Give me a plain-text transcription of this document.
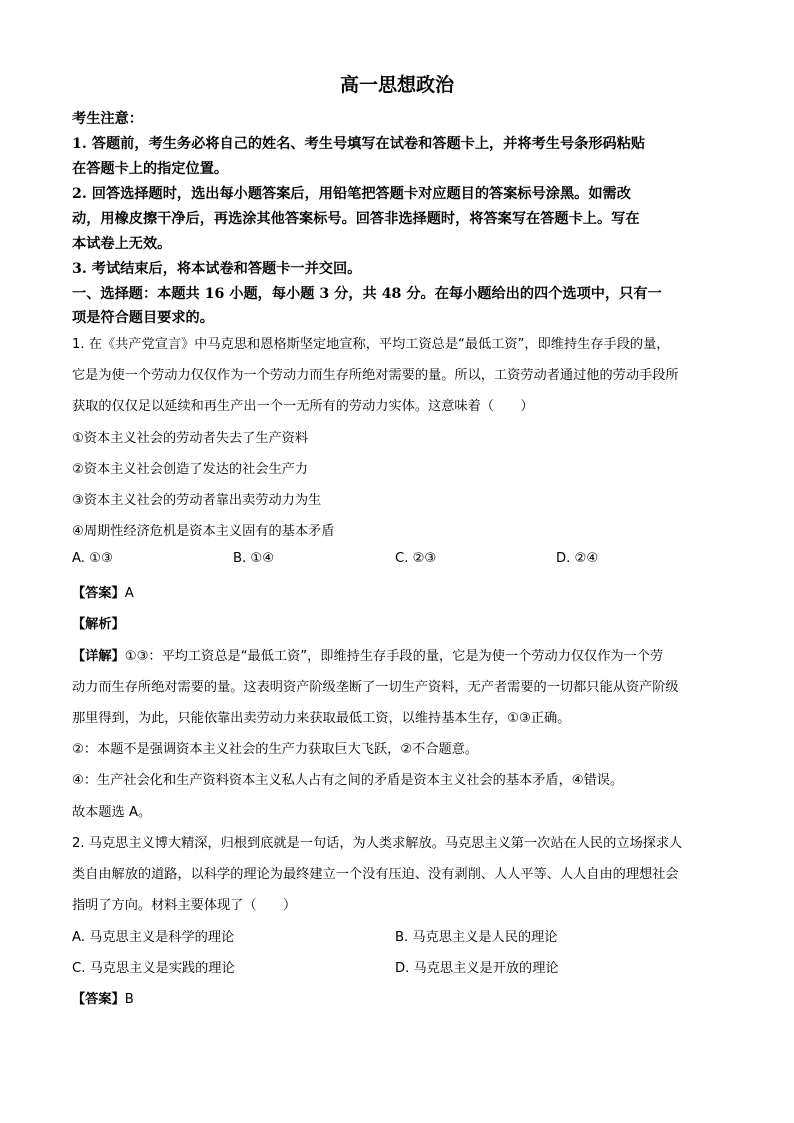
高一思想政治
考生注意：
1. 答题前，考生务必将自己的姓名、考生号填写在试卷和答题卡上，并将考生号条形码粘贴
在答题卡上的指定位置。
2. 回答选择题时，选出每小题答案后，用铅笔把答题卡对应题目的答案标号涂黑。如需改
动，用橡皮擦干净后，再选涂其他答案标号。回答非选择题时，将答案写在答题卡上。写在
本试卷上无效。
3. 考试结束后，将本试卷和答题卡一并交回。
一、选择题：本题共 16 小题，每小题 3 分，共 48 分。在每小题给出的四个选项中，只有一
项是符合题目要求的。
1. 在《共产党宣言》中马克思和恩格斯坚定地宣称，平均工资总是“最低工资”，即维持生存手段的量，
它是为使一个劳动力仅仅作为一个劳动力而生存所绝对需要的量。所以，工资劳动者通过他的劳动手段所
获取的仅仅足以延续和再生产出一个一无所有的劳动力实体。这意味着（　　）
①资本主义社会的劳动者失去了生产资料
②资本主义社会创造了发达的社会生产力
③资本主义社会的劳动者靠出卖劳动力为生
④周期性经济危机是资本主义固有的基本矛盾
A. ①③	B. ①④	C. ②③	D. ②④
【答案】A
【解析】
【详解】①③：平均工资总是“最低工资”，即维持生存手段的量，它是为使一个劳动力仅仅作为一个劳
动力而生存所绝对需要的量。这表明资产阶级垄断了一切生产资料，无产者需要的一切都只能从资产阶级
那里得到，为此，只能依靠出卖劳动力来获取最低工资，以维持基本生存，①③正确。
②：本题不是强调资本主义社会的生产力获取巨大飞跃，②不合题意。
④：生产社会化和生产资料资本主义私人占有之间的矛盾是资本主义社会的基本矛盾，④错误。
故本题选 A。
2. 马克思主义博大精深，归根到底就是一句话，为人类求解放。马克思主义第一次站在人民的立场探求人
类自由解放的道路，以科学的理论为最终建立一个没有压迫、没有剥削、人人平等、人人自由的理想社会
指明了方向。材料主要体现了（　　）
A. 马克思主义是科学的理论	B. 马克思主义是人民的理论
C. 马克思主义是实践的理论	D. 马克思主义是开放的理论
【答案】B
